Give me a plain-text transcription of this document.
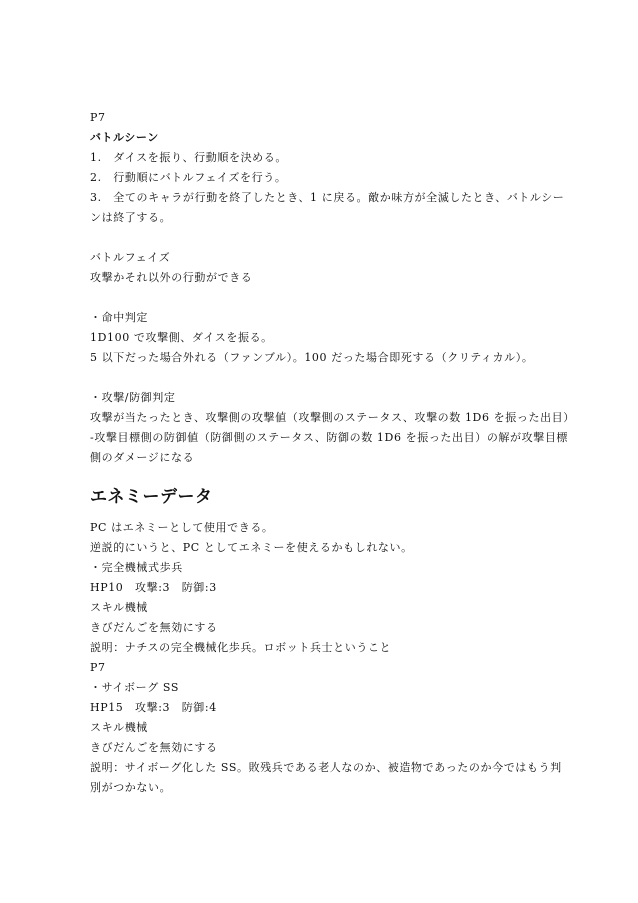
P7
バトルシーン
1.　ダイスを振り、行動順を決める。
2.　行動順にバトルフェイズを行う。
3.　全てのキャラが行動を終了したとき、1 に戻る。敵か味方が全滅したとき、バトルシー
ンは終了する。
バトルフェイズ
攻撃かそれ以外の行動ができる
・命中判定
1D100 で攻撃側、ダイスを振る。
5 以下だった場合外れる（ファンブル）。100 だった場合即死する（クリティカル）。
・攻撃/防御判定
攻撃が当たったとき、攻撃側の攻撃値（攻撃側のステータス、攻撃の数 1D6 を振った出目）
-攻撃目標側の防御値（防御側のステータス、防御の数 1D6 を振った出目）の解が攻撃目標
側のダメージになる
エネミーデータ
PC はエネミーとして使用できる。
逆説的にいうと、PC としてエネミーを使えるかもしれない。
・完全機械式歩兵
HP10　攻撃:3　防御:3
スキル機械
きびだんごを無効にする
説明：ナチスの完全機械化歩兵。ロボット兵士ということ
P7
・サイボーグ SS
HP15　攻撃:3　防御:4
スキル機械
きびだんごを無効にする
説明：サイボーグ化した SS。敗残兵である老人なのか、被造物であったのか今ではもう判
別がつかない。
